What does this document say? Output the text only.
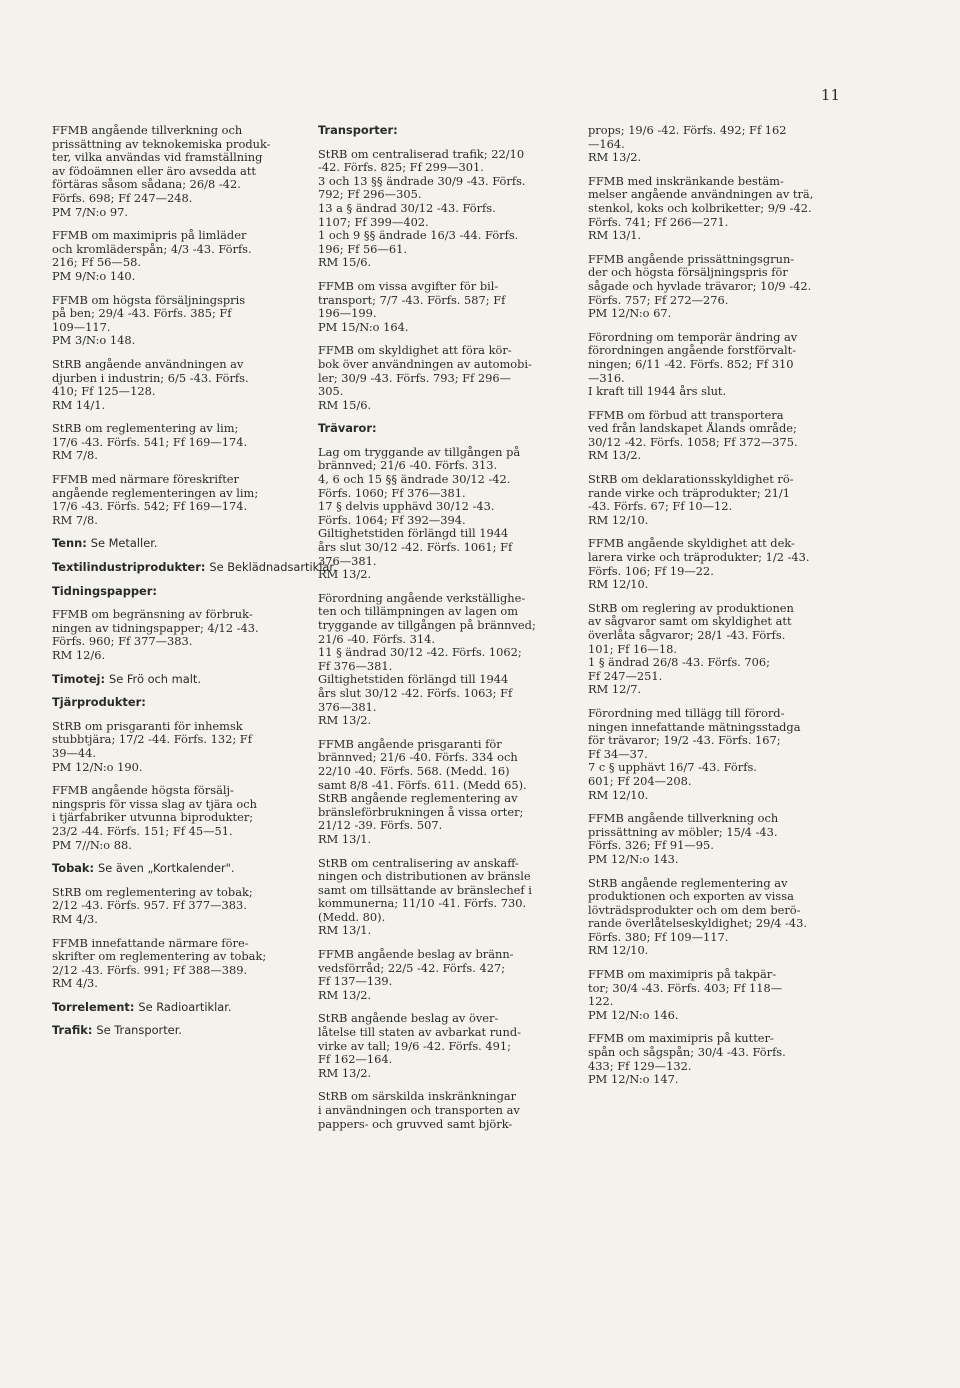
11
FFMB angående tillverkning och
prissättning av teknokemiska produk-
ter, vilka användas vid framställning
av födoämnen eller äro avsedda att
förtäras såsom sådana; 26/8 -42.
Förfs. 698; Ff 247—248.
PM 7/N:o 97.
FFMB om maximipris på limläder
och kromläderspån; 4/3 -43. Förfs.
216; Ff 56—58.
PM 9/N:o 140.
FFMB om högsta försäljningspris
på ben; 29/4 -43. Förfs. 385; Ff
109—117.
PM 3/N:o 148.
StRB angående användningen av
djurben i industrin; 6/5 -43. Förfs.
410; Ff 125—128.
RM 14/1.
StRB om reglementering av lim;
17/6 -43. Förfs. 541; Ff 169—174.
RM 7/8.
FFMB med närmare föreskrifter
angående reglementeringen av lim;
17/6 -43. Förfs. 542; Ff 169—174.
RM 7/8.
Tenn: Se Metaller.
Textilindustriprodukter: Se Beklädnadsartiklar.
Tidningspapper:
FFMB om begränsning av förbruk-
ningen av tidningspapper; 4/12 -43.
Förfs. 960; Ff 377—383.
RM 12/6.
Timotej: Se Frö och malt.
Tjärprodukter:
StRB om prisgaranti för inhemsk
stubbtjära; 17/2 -44. Förfs. 132; Ff
39—44.
PM 12/N:o 190.
FFMB angående högsta försälj-
ningspris för vissa slag av tjära och
i tjärfabriker utvunna biprodukter;
23/2 -44. Förfs. 151; Ff 45—51.
PM 7//N:o 88.
Tobak: Se även „Kortkalender".
StRB om reglementering av tobak;
2/12 -43. Förfs. 957. Ff 377—383.
RM 4/3.
FFMB innefattande närmare före-
skrifter om reglementering av tobak;
2/12 -43. Förfs. 991; Ff 388—389.
RM 4/3.
Torrelement: Se Radioartiklar.
Trafik: Se Transporter.
Transporter:
StRB om centraliserad trafik; 22/10
-42. Förfs. 825; Ff 299—301.
3 och 13 §§ ändrade 30/9 -43. Förfs.
792; Ff 296—305.
13 a § ändrad 30/12 -43. Förfs.
1107; Ff 399—402.
1 och 9 §§ ändrade 16/3 -44. Förfs.
196; Ff 56—61.
RM 15/6.
FFMB om vissa avgifter för bil-
transport; 7/7 -43. Förfs. 587; Ff
196—199.
PM 15/N:o 164.
FFMB om skyldighet att föra kör-
bok över användningen av automobi-
ler; 30/9 -43. Förfs. 793; Ff 296—
305.
RM 15/6.
Trävaror:
Lag om tryggande av tillgången på
brännved; 21/6 -40. Förfs. 313.
4, 6 och 15 §§ ändrade 30/12 -42.
Förfs. 1060; Ff 376—381.
17 § delvis upphävd 30/12 -43.
Förfs. 1064; Ff 392—394.
Giltighetstiden förlängd till 1944
års slut 30/12 -42. Förfs. 1061; Ff
376—381.
RM 13/2.
Förordning angående verkställighe-
ten och tillämpningen av lagen om
tryggande av tillgången på brännved;
21/6 -40. Förfs. 314.
11 § ändrad 30/12 -42. Förfs. 1062;
Ff 376—381.
Giltighetstiden förlängd till 1944
års slut 30/12 -42. Förfs. 1063; Ff
376—381.
RM 13/2.
FFMB angående prisgaranti för
brännved; 21/6 -40. Förfs. 334 och
22/10 -40. Förfs. 568. (Medd. 16)
samt 8/8 -41. Förfs. 611. (Medd 65).
StRB angående reglementering av
bränsleförbrukningen å vissa orter;
21/12 -39. Förfs. 507.
RM 13/1.
StRB om centralisering av anskaff-
ningen och distributionen av bränsle
samt om tillsättande av bränslechef i
kommunerna; 11/10 -41. Förfs. 730.
(Medd. 80).
RM 13/1.
FFMB angående beslag av bränn-
vedsförråd; 22/5 -42. Förfs. 427;
Ff 137—139.
RM 13/2.
StRB angående beslag av över-
låtelse till staten av avbarkat rund-
virke av tall; 19/6 -42. Förfs. 491;
Ff 162—164.
RM 13/2.
StRB om särskilda inskränkningar
i användningen och transporten av
pappers- och gruvved samt björk-
props; 19/6 -42. Förfs. 492; Ff 162
—164.
RM 13/2.
FFMB med inskränkande bestäm-
melser angående användningen av trä,
stenkol, koks och kolbriketter; 9/9 -42.
Förfs. 741; Ff 266—271.
RM 13/1.
FFMB angående prissättningsgrun-
der och högsta försäljningspris för
sågade och hyvlade trävaror; 10/9 -42.
Förfs. 757; Ff 272—276.
PM 12/N:o 67.
Förordning om temporär ändring av
förordningen angående forstförvalt-
ningen; 6/11 -42. Förfs. 852; Ff 310
—316.
I kraft till 1944 års slut.
FFMB om förbud att transportera
ved från landskapet Ålands område;
30/12 -42. Förfs. 1058; Ff 372—375.
RM 13/2.
StRB om deklarationsskyldighet rö-
rande virke och träprodukter; 21/1
-43. Förfs. 67; Ff 10—12.
RM 12/10.
FFMB angående skyldighet att dek-
larera virke och träprodukter; 1/2 -43.
Förfs. 106; Ff 19—22.
RM 12/10.
StRB om reglering av produktionen
av sågvaror samt om skyldighet att
överlåta sågvaror; 28/1 -43. Förfs.
101; Ff 16—18.
1 § ändrad 26/8 -43. Förfs. 706;
Ff 247—251.
RM 12/7.
Förordning med tillägg till förord-
ningen innefattande mätningsstadga
för trävaror; 19/2 -43. Förfs. 167;
Ff 34—37.
7 c § upphävt 16/7 -43. Förfs.
601; Ff 204—208.
RM 12/10.
FFMB angående tillverkning och
prissättning av möbler; 15/4 -43.
Förfs. 326; Ff 91—95.
PM 12/N:o 143.
StRB angående reglementering av
produktionen och exporten av vissa
lövträdsprodukter och om dem berö-
rande överlåtelseskyldighet; 29/4 -43.
Förfs. 380; Ff 109—117.
RM 12/10.
FFMB om maximipris på takpär-
tor; 30/4 -43. Förfs. 403; Ff 118—
122.
PM 12/N:o 146.
FFMB om maximipris på kutter-
spån och sågspån; 30/4 -43. Förfs.
433; Ff 129—132.
PM 12/N:o 147.
